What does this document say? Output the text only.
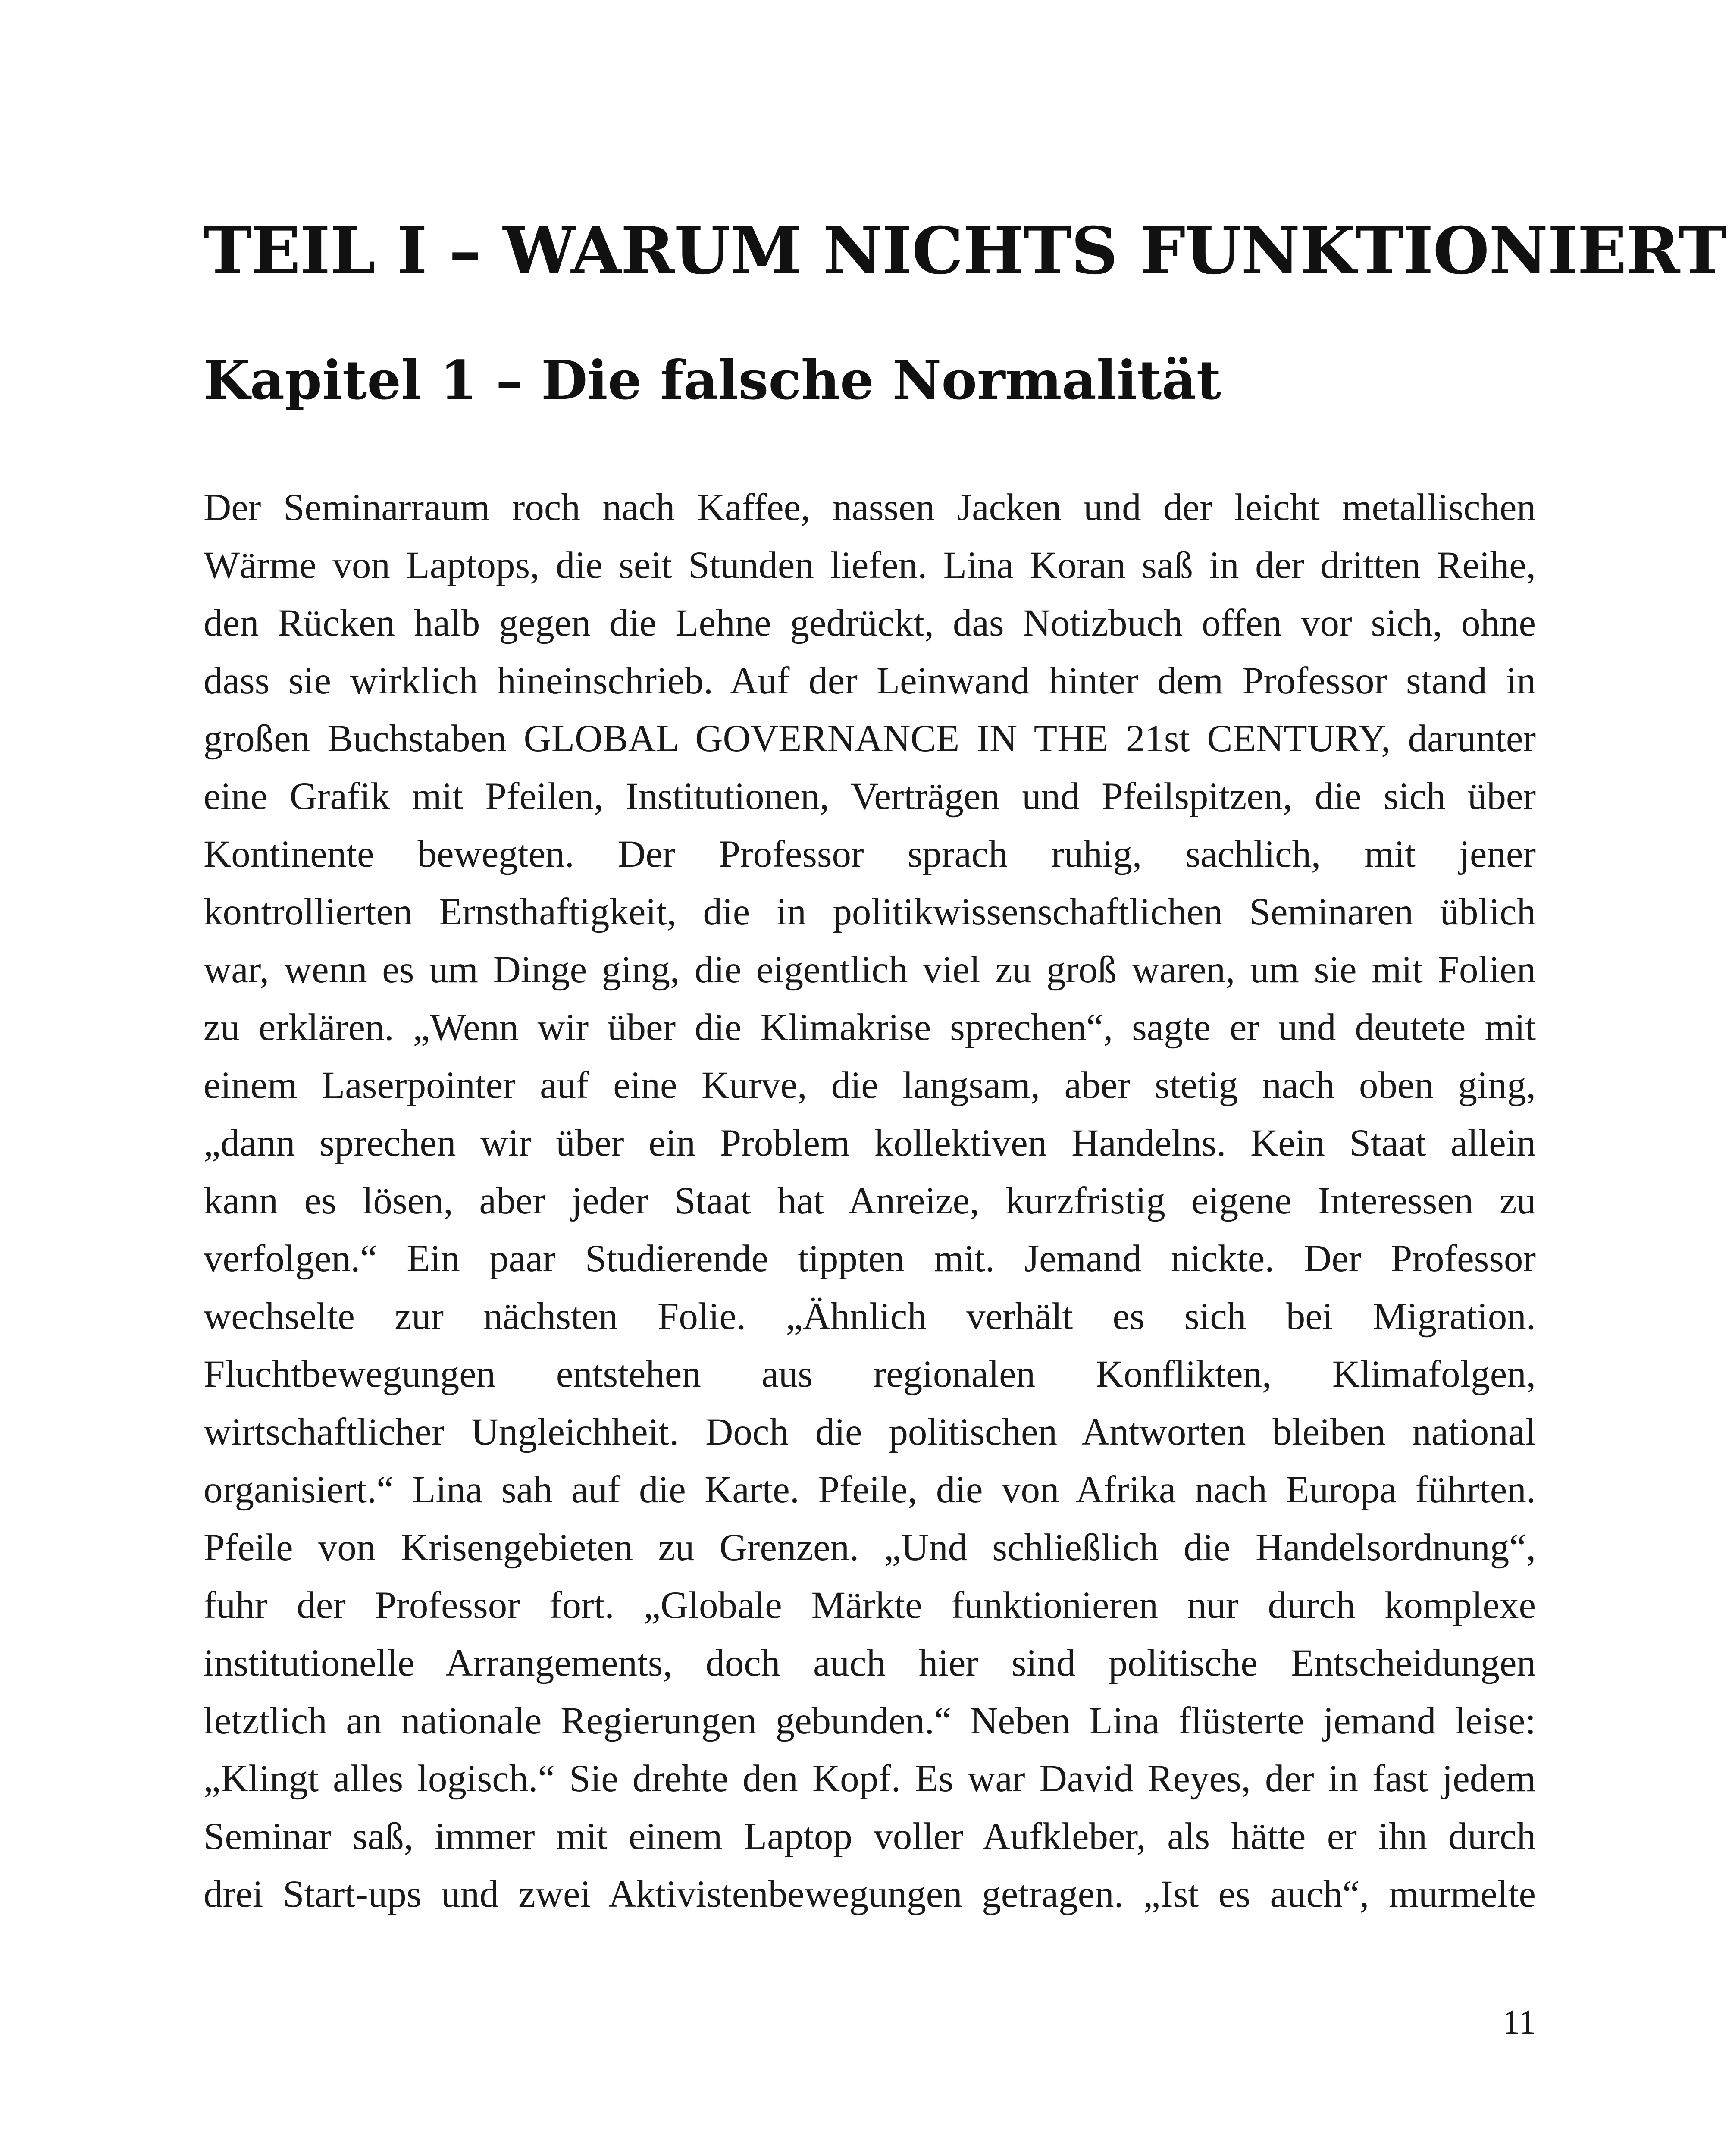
TEIL I – WARUM NICHTS FUNKTIONIERT
Kapitel 1 – Die falsche Normalität
Der Seminarraum roch nach Kaffee, nassen Jacken und der leicht metallischen
Wärme von Laptops, die seit Stunden liefen. Lina Koran saß in der dritten Reihe,
den Rücken halb gegen die Lehne gedrückt, das Notizbuch offen vor sich, ohne
dass sie wirklich hineinschrieb. Auf der Leinwand hinter dem Professor stand in
großen Buchstaben GLOBAL GOVERNANCE IN THE 21st CENTURY, darunter
eine Grafik mit Pfeilen, Institutionen, Verträgen und Pfeilspitzen, die sich über
Kontinente bewegten. Der Professor sprach ruhig, sachlich, mit jener
kontrollierten Ernsthaftigkeit, die in politikwissenschaftlichen Seminaren üblich
war, wenn es um Dinge ging, die eigentlich viel zu groß waren, um sie mit Folien
zu erklären. „Wenn wir über die Klimakrise sprechen“, sagte er und deutete mit
einem Laserpointer auf eine Kurve, die langsam, aber stetig nach oben ging,
„dann sprechen wir über ein Problem kollektiven Handelns. Kein Staat allein
kann es lösen, aber jeder Staat hat Anreize, kurzfristig eigene Interessen zu
verfolgen.“ Ein paar Studierende tippten mit. Jemand nickte. Der Professor
wechselte zur nächsten Folie. „Ähnlich verhält es sich bei Migration.
Fluchtbewegungen entstehen aus regionalen Konflikten, Klimafolgen,
wirtschaftlicher Ungleichheit. Doch die politischen Antworten bleiben national
organisiert.“ Lina sah auf die Karte. Pfeile, die von Afrika nach Europa führten.
Pfeile von Krisengebieten zu Grenzen. „Und schließlich die Handelsordnung“,
fuhr der Professor fort. „Globale Märkte funktionieren nur durch komplexe
institutionelle Arrangements, doch auch hier sind politische Entscheidungen
letztlich an nationale Regierungen gebunden.“ Neben Lina flüsterte jemand leise:
„Klingt alles logisch.“ Sie drehte den Kopf. Es war David Reyes, der in fast jedem
Seminar saß, immer mit einem Laptop voller Aufkleber, als hätte er ihn durch
drei Start-ups und zwei Aktivistenbewegungen getragen. „Ist es auch“, murmelte
11
